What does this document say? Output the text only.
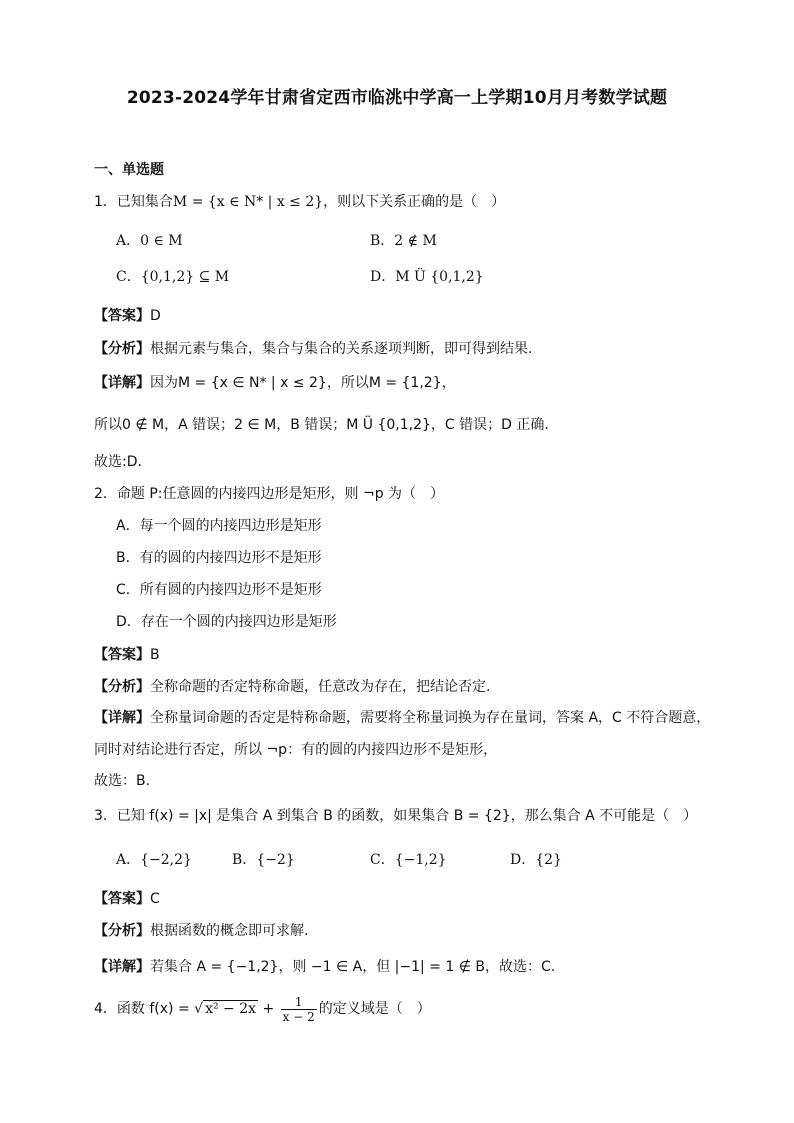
2023-2024学年甘肃省定西市临洮中学高一上学期10月月考数学试题
一、单选题
1．已知集合M = {x ∈ N* | x ≤ 2}，则以下关系正确的是（　）
A．0 ∈ M	B．2 ∉ M
C．{0,1,2} ⊆ M	D．M Ü {0,1,2}
【答案】D
【分析】根据元素与集合，集合与集合的关系逐项判断，即可得到结果.
【详解】因为M = {x ∈ N* | x ≤ 2}，所以M = {1,2}，
所以0 ∉ M，A 错误；2 ∈ M，B 错误；M Ü {0,1,2}，C 错误；D 正确.
故选:D.
2．命题 P:任意圆的内接四边形是矩形，则 ¬p 为（　）
A．每一个圆的内接四边形是矩形
B．有的圆的内接四边形不是矩形
C．所有圆的内接四边形不是矩形
D．存在一个圆的内接四边形是矩形
【答案】B
【分析】全称命题的否定特称命题，任意改为存在，把结论否定.
【详解】全称量词命题的否定是特称命题，需要将全称量词换为存在量词，答案 A，C 不符合题意，
同时对结论进行否定，所以 ¬p：有的圆的内接四边形不是矩形，
故选：B.
3．已知 f(x) = |x| 是集合 A 到集合 B 的函数，如果集合 B = {2}，那么集合 A 不可能是（　）
A．{−2,2}	B．{−2}	C．{−1,2}	D．{2}
【答案】C
【分析】根据函数的概念即可求解.
【详解】若集合 A = {−1,2}，则 −1 ∈ A，但 |−1| = 1 ∉ B，故选：C.
4．函数 f(x) = √ $x^2 - 2x + \frac{1}{x - 2}$ 的定义域是（　）
